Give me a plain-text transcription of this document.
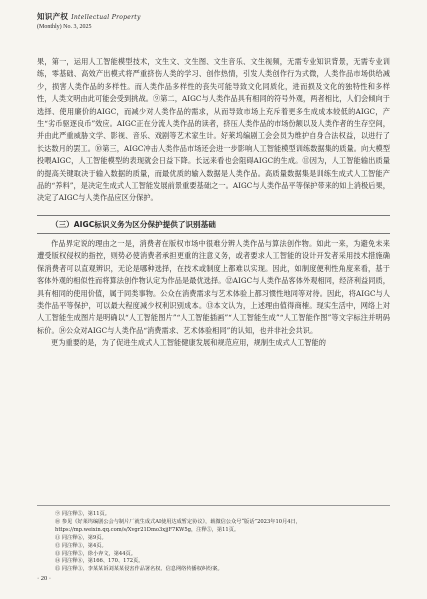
知识产权 Intellectual Property
(Monthly) No. 3, 2025

果，第一，运用人工智能模型技术，文生文、文生图、文生音乐、文生视频，无需专业知识背景，无需专业训练，零基础、高效产出模式将严重挤伤人类的学习、创作热情，引发人类创作行为式微，人类作品市场供给减少，损害人类作品的多样性。而人类作品多样性的丧失可能导致文化同质化，进而损及文化的独特性和多样性，人类文明由此可能会受到挑战。⑨第二，AIGC与人类作品具有相同的符号外观，两者相比，人们会倾向于选择、使用廉价的AIGC，而减少对人类作品的需求，从而导致市场上充斥着更多生成成本较低的AIGC，产生“劣币驱逐良币”效应。AIGC正在分流人类作品的读者，挤压人类作品的市场份额以及人类作者的生存空间，并由此严重威胁文学、影视、音乐、戏剧等艺术家生计。好莱坞编剧工会会员为维护自身合法权益，以进行了长达数月的罢工。⑩第三，AIGC冲击人类作品市场还会进一步影响人工智能模型训练数据集的质量。向大模型投喂AIGC，人工智能模型的表现就会日益下降。长远来看也会阻碍AIGC的生成。⑪因为，人工智能输出质量的提高关键取决于输入数据的质量，而最优质的输入数据是人类作品。高质量数据集是训练生成式人工智能产品的“养料”，是决定生成式人工智能发展前景重要基础之一。AIGC与人类作品平等保护带来的如上消极后果，决定了AIGC与人类作品应区分保护。

（三）AIGC标识义务为区分保护提供了识别基础

作品界定说的理由之一是，消费者在版权市场中很难分辨人类作品与算法创作物。如此一来，为避免未来遭受版权侵权的指控，则势必使消费者承担更重的注意义务，或者要求人工智能的设计开发者采用技术措施确保消费者可以直观辨识，无论是哪种选择，在技术或制度上都难以实现。因此，如制度便利性角度来看，基于客体外观的相似性而将算法创作物认定为作品是最优选择。⑫AIGC与人类作品客体外观相同，经济利益同质，具有相同的使用价值，属于同类事物。公众在消费需求与艺术体验上都习惯性地同等对待。因此，将AIGC与人类作品平等保护，可以最大程度减少权利识别成本。⑬本文认为，上述理由值得商榷。现实生活中，网络上对人工智能生成图片是明确以“人工智能图片”“人工智能插画”“人工智能生成”“人工智能作图”等文字标注并明码标价。⑭公众对AIGC与人类作品“消费需求、艺术体验相同”的认知，也并非社会共识。

更为重要的是，为了促进生成式人工智能健康发展和规范应用，规制生成式人工智能的

⑨ 同注释⑤，第11页。

⑩ 参见《好莱坞编剧公会与制片厂就生成式AI使用达成暂定协议》，载微信公众号“版话”2023年10月4日，https://mp.weixin.qq.com/s/Xvgr21Dmo3xjjF7KW5g，注释⑤，第11页。

⑪ 同注释⑥，第9页。

⑫ 同注释③，第4页。

⑬ 同注释⑤，徐小奔文，第44页。

⑭ 同注释⑧，第166、170、172页。

⑮ 同注释③，李某某诉刘某某侵害作品署名权、信息网络传播权纠纷案。

· 20 ·
